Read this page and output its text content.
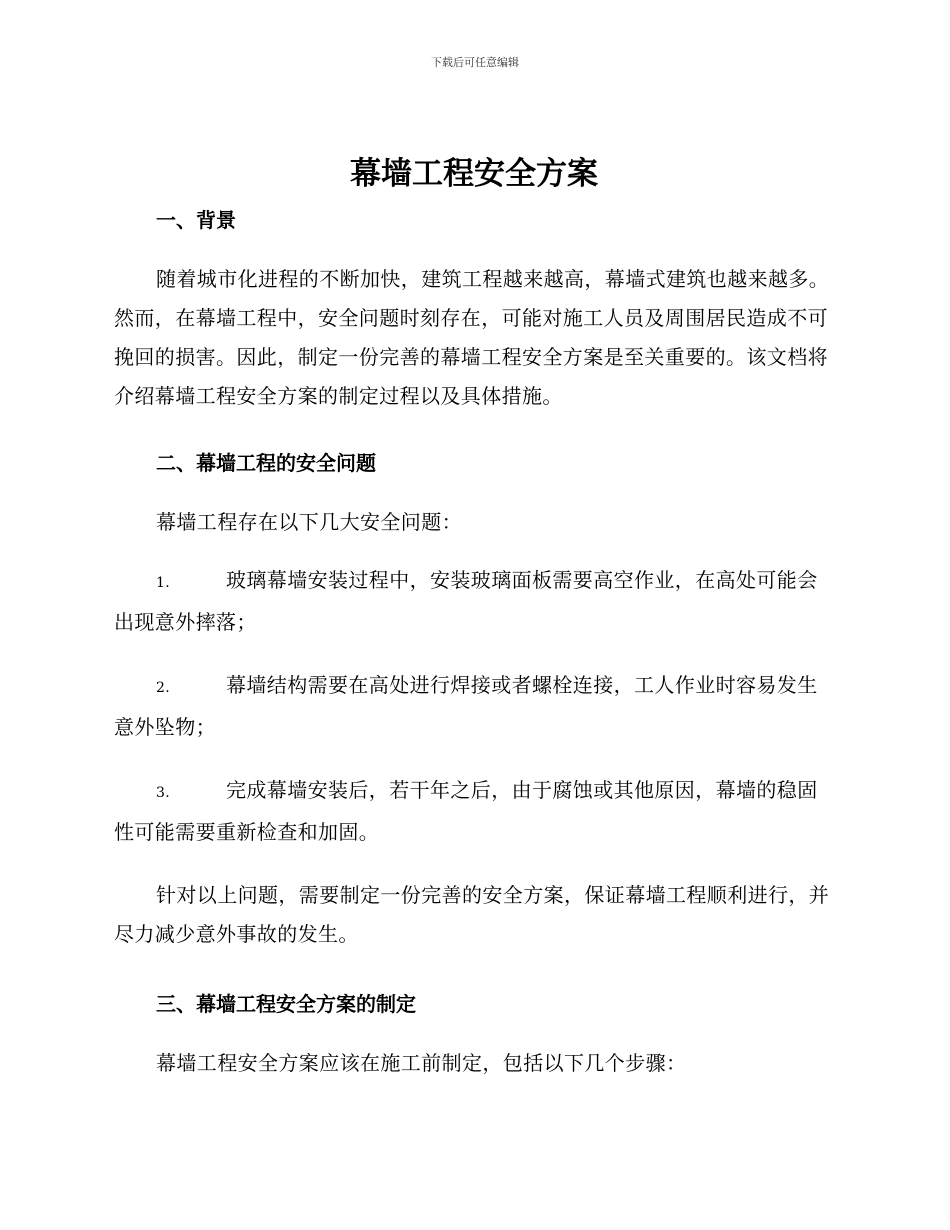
下载后可任意编辑
幕墙工程安全方案
一、背景

随着城市化进程的不断加快，建筑工程越来越高，幕墙式建筑也越来越多。然而，在幕墙工程中，安全问题时刻存在，可能对施工人员及周围居民造成不可挽回的损害。因此，制定一份完善的幕墙工程安全方案是至关重要的。该文档将介绍幕墙工程安全方案的制定过程以及具体措施。

二、幕墙工程的安全问题

幕墙工程存在以下几大安全问题：

1.	玻璃幕墙安装过程中，安装玻璃面板需要高空作业，在高处可能会出现意外摔落；

2.	幕墙结构需要在高处进行焊接或者螺栓连接，工人作业时容易发生意外坠物；

3.	完成幕墙安装后，若干年之后，由于腐蚀或其他原因，幕墙的稳固性可能需要重新检查和加固。

针对以上问题，需要制定一份完善的安全方案，保证幕墙工程顺利进行，并尽力减少意外事故的发生。

三、幕墙工程安全方案的制定

幕墙工程安全方案应该在施工前制定，包括以下几个步骤：
